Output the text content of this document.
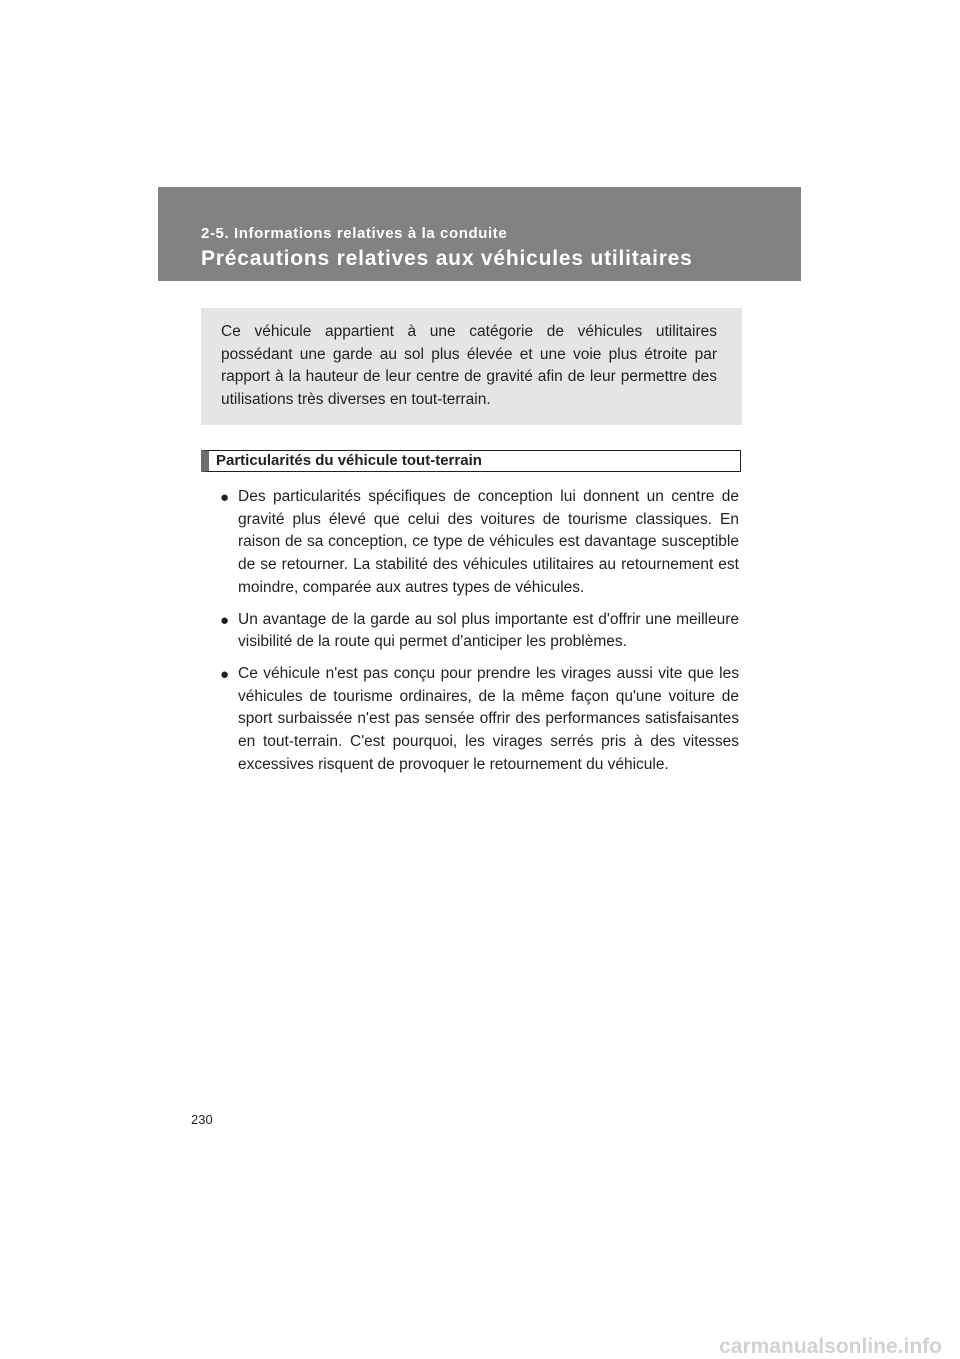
2-5. Informations relatives à la conduite
Précautions relatives aux véhicules utilitaires
Ce véhicule appartient à une catégorie de véhicules utilitaires possédant une garde au sol plus élevée et une voie plus étroite par rapport à la hauteur de leur centre de gravité afin de leur permettre des utilisations très diverses en tout-terrain.
Particularités du véhicule tout-terrain
● Des particularités spécifiques de conception lui donnent un centre de gravité plus élevé que celui des voitures de tourisme classiques. En raison de sa conception, ce type de véhicules est davantage susceptible de se retourner. La stabilité des véhicules utilitaires au retournement est moindre, comparée aux autres types de véhicules.
● Un avantage de la garde au sol plus importante est d'offrir une meilleure visibilité de la route qui permet d'anticiper les problèmes.
● Ce véhicule n'est pas conçu pour prendre les virages aussi vite que les véhicules de tourisme ordinaires, de la même façon qu'une voiture de sport surbaissée n'est pas sensée offrir des performances satisfaisantes en tout-terrain. C'est pourquoi, les virages serrés pris à des vitesses excessives risquent de provoquer le retournement du véhicule.
230
carmanualsonline.info
